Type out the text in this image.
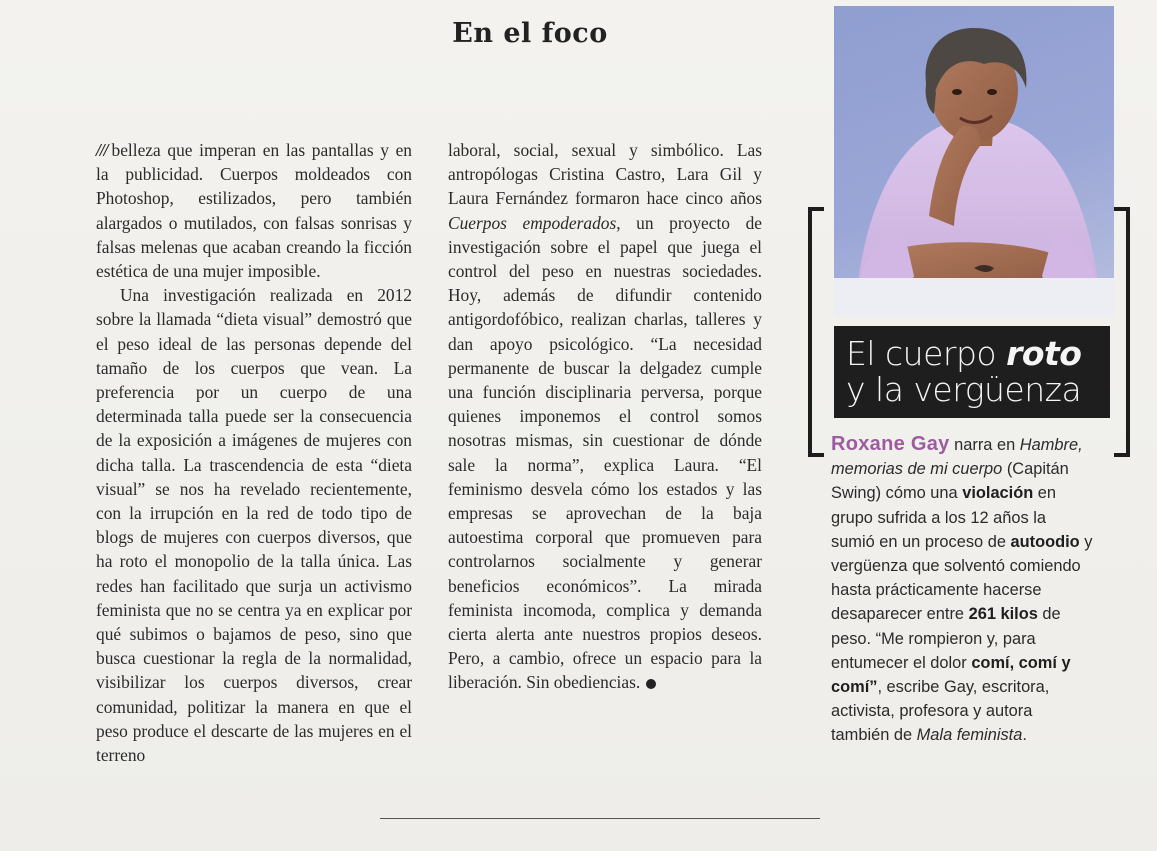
En el foco

/// belleza que imperan en las pantallas y en la publicidad. Cuerpos moldeados con Photoshop, estilizados, pero también alargados o mutilados, con falsas sonrisas y falsas melenas que acaban creando la ficción estética de una mujer imposible.

Una investigación realizada en 2012 sobre la llamada “dieta visual” demostró que el peso ideal de las personas depende del tamaño de los cuerpos que vean. La preferencia por un cuerpo de una determinada talla puede ser la consecuencia de la exposición a imágenes de mujeres con dicha talla. La trascendencia de esta “dieta visual” se nos ha revelado recientemente, con la irrupción en la red de todo tipo de blogs de mujeres con cuerpos diversos, que ha roto el monopolio de la talla única. Las redes han facilitado que surja un activismo feminista que no se centra ya en explicar por qué subimos o bajamos de peso, sino que busca cuestionar la regla de la normalidad, visibilizar los cuerpos diversos, crear comunidad, politizar la manera en que el peso produce el descarte de las mujeres en el terreno

laboral, social, sexual y simbólico. Las antropólogas Cristina Castro, Lara Gil y Laura Fernández formaron hace cinco años Cuerpos empoderados, un proyecto de investigación sobre el papel que juega el control del peso en nuestras sociedades. Hoy, además de difundir contenido antigordofóbico, realizan charlas, talleres y dan apoyo psicológico. “La necesidad permanente de buscar la delgadez cumple una función disciplinaria perversa, porque quienes imponemos el control somos nosotras mismas, sin cuestionar de dónde sale la norma”, explica Laura. “El feminismo desvela cómo los estados y las empresas se aprovechan de la baja autoestima corporal que promueven para controlarnos socialmente y generar beneficios económicos”. La mirada feminista incomoda, complica y demanda cierta alerta ante nuestros propios deseos. Pero, a cambio, ofrece un espacio para la liberación. Sin obediencias.

El cuerpo roto
y la vergüenza

Roxane Gay narra en Hambre, memorias de mi cuerpo (Capitán Swing) cómo una violación en grupo sufrida a los 12 años la sumió en un proceso de autoodio y vergüenza que solventó comiendo hasta prácticamente hacerse desaparecer entre 261 kilos de peso. “Me rompieron y, para entumecer el dolor comí, comí y comí”, escribe Gay, escritora, activista, profesora y autora también de Mala feminista.
